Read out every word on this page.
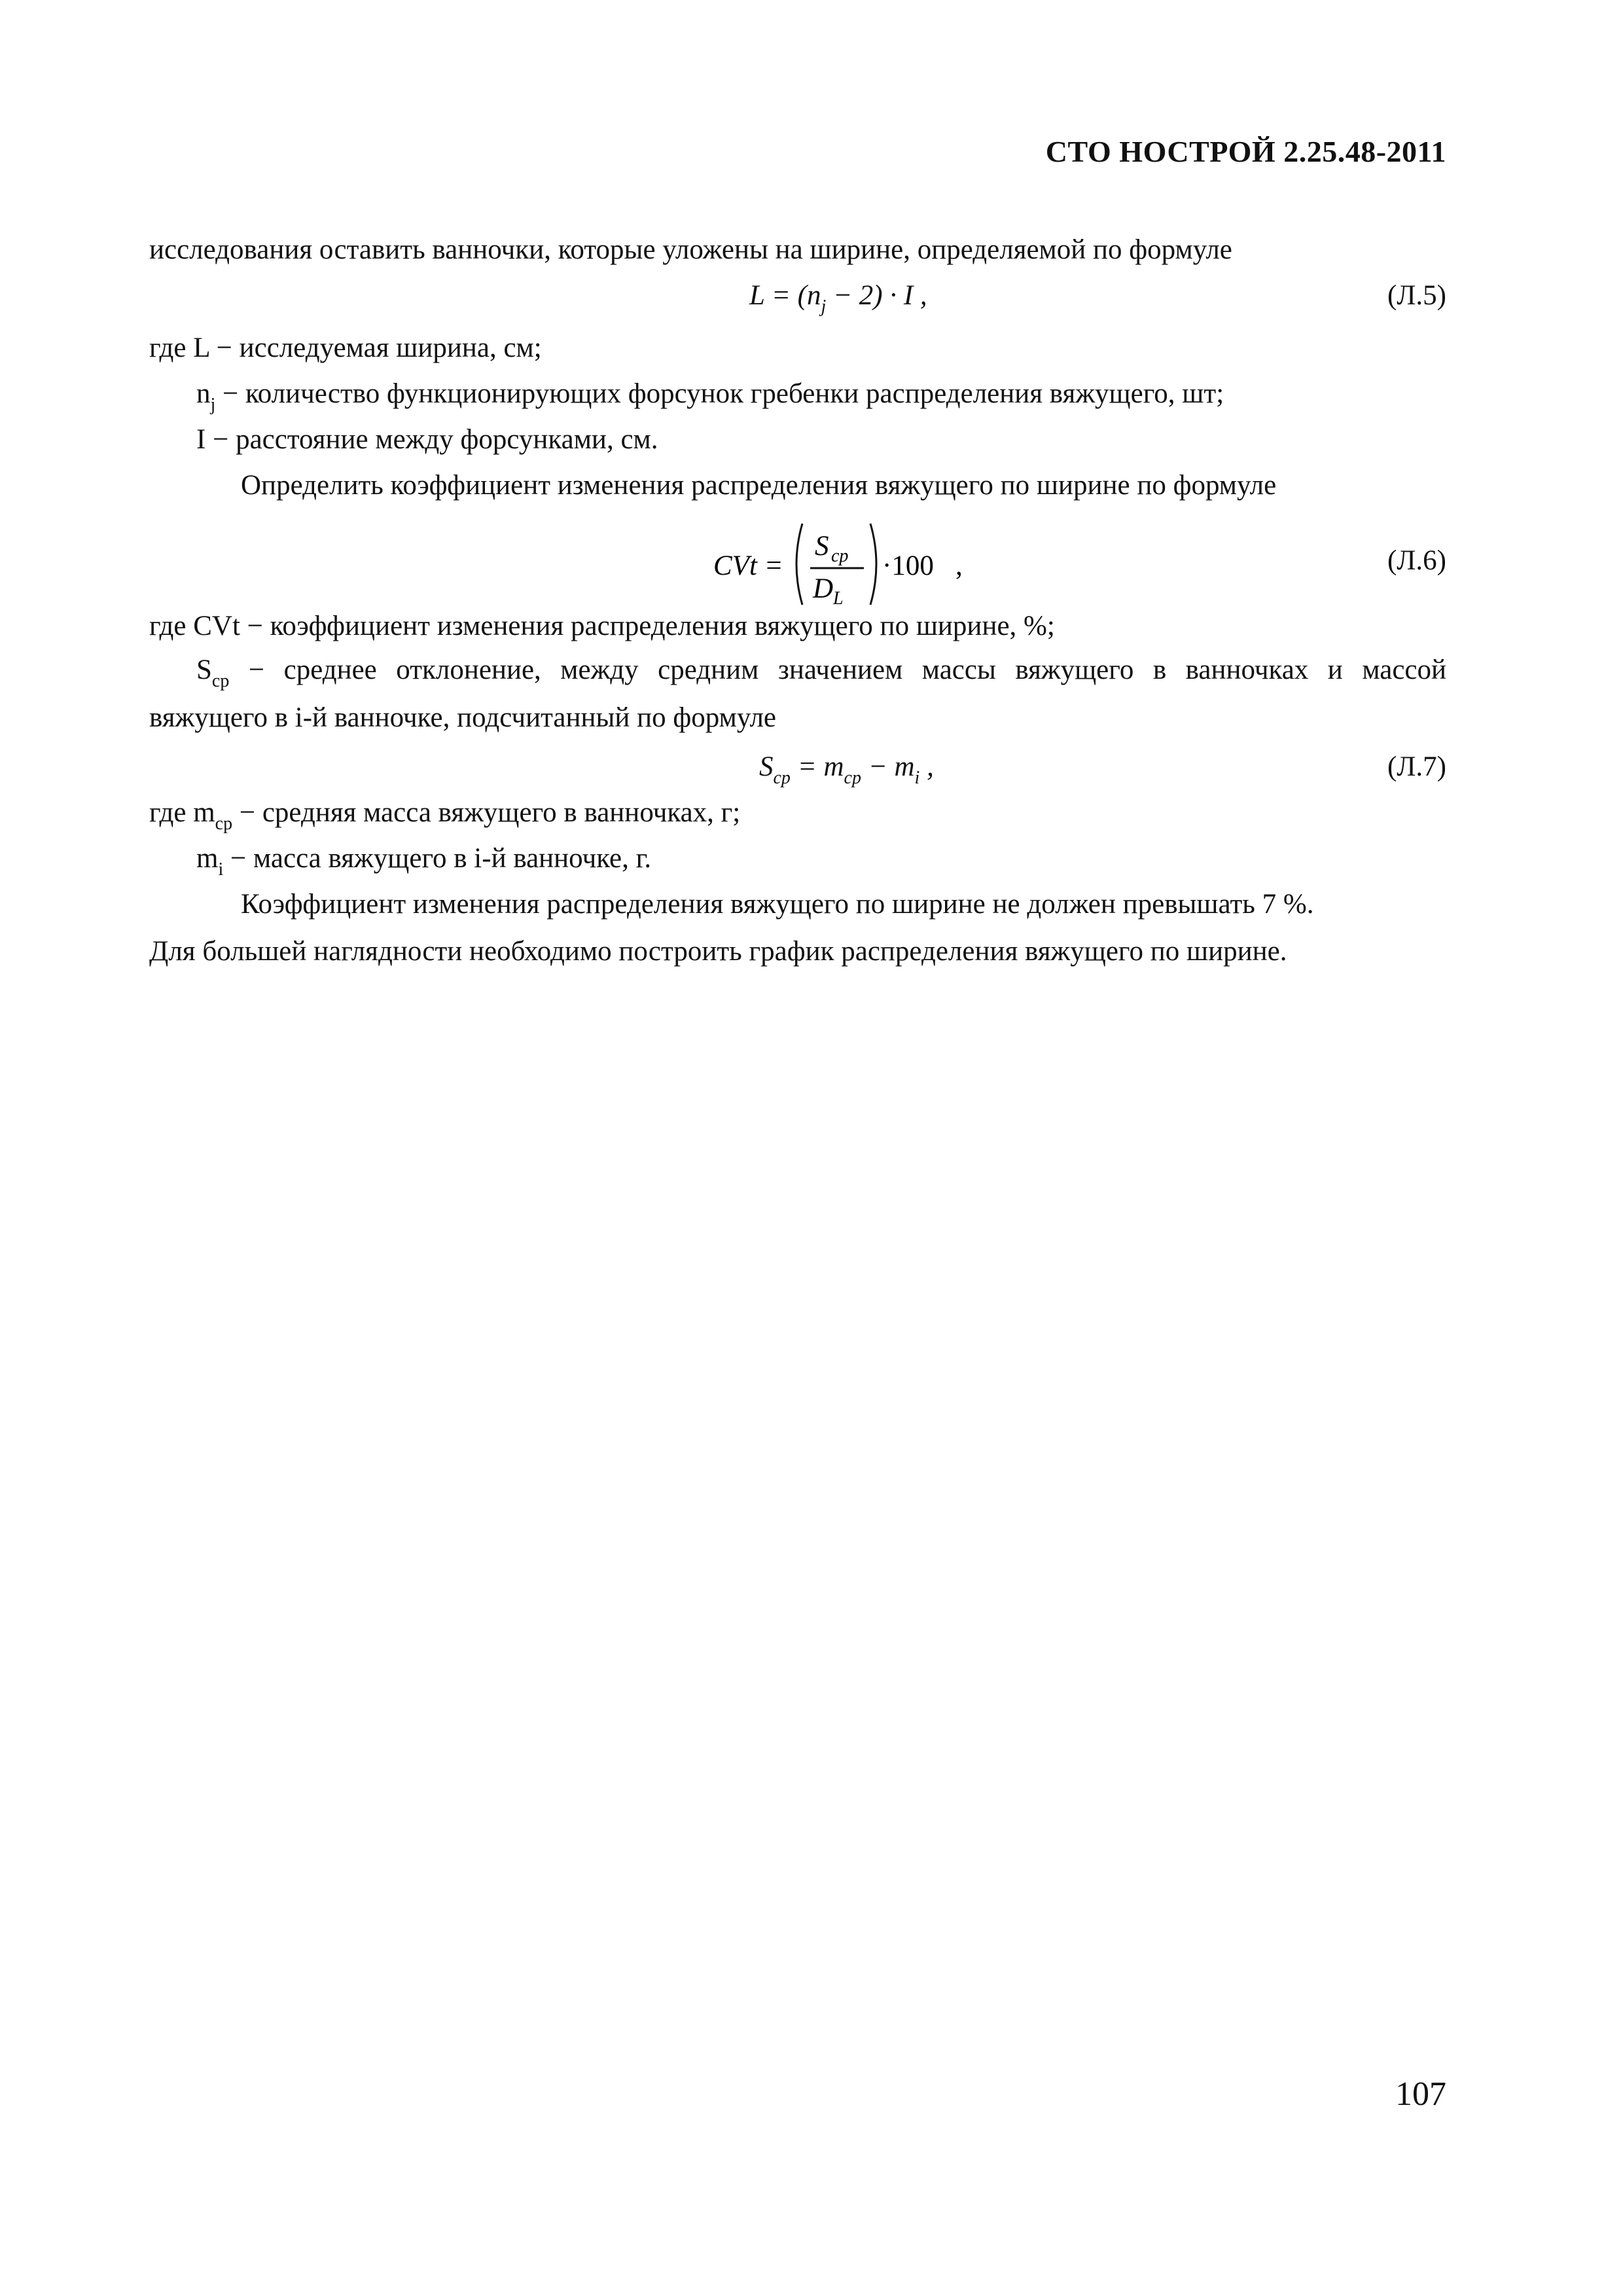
СТО НОСТРОЙ 2.25.48-2011
исследования оставить ванночки, которые уложены на ширине, определяемой по формуле
$L = (n_j - 2) \cdot I$ ,	(Л.5)
где L − исследуемая ширина, см;
$n_j$ − количество функционирующих форсунок гребенки распределения вяжущего, шт;
I − расстояние между форсунками, см.
Определить коэффициент изменения распределения вяжущего по ширине по формуле
CVt =
S ср
D L
·100 ,	(Л.6)
где CVt − коэффициент изменения распределения вяжущего по ширине, %;
$S_{ср}$ − среднее отклонение, между средним значением массы вяжущего в ванночках и массой
вяжущего в i-й ванночке, подсчитанный по формуле
$S_{ср} = m_{ср} - m_i$ ,	(Л.7)
где $m_{ср}$ − средняя масса вяжущего в ванночках, г;
$m_i$ − масса вяжущего в i-й ванночке, г.
Коэффициент изменения распределения вяжущего по ширине не должен превышать 7 %.
Для большей наглядности необходимо построить график распределения вяжущего по ширине.
107
